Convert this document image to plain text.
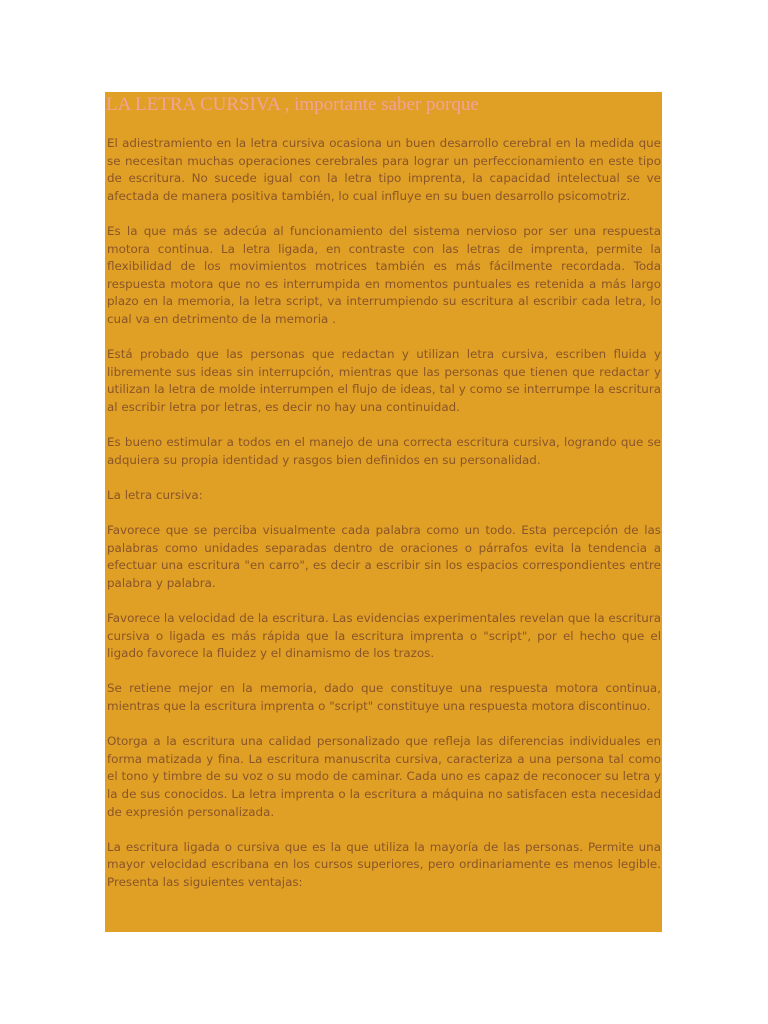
LA LETRA CURSIVA , importante saber porque

El adiestramiento en la letra cursiva ocasiona un buen desarrollo cerebral en la medida que se necesitan muchas operaciones cerebrales para lograr un perfeccionamiento en este tipo de escritura. No sucede igual con la letra tipo imprenta, la capacidad intelectual se ve afectada de manera positiva también, lo cual influye en su buen desarrollo psicomotriz.

Es la que más se adecúa al funcionamiento del sistema nervioso por ser una respuesta motora continua. La letra ligada, en contraste con las letras de imprenta, permite la flexibilidad de los movimientos motrices también es más fácilmente recordada. Toda respuesta motora que no es interrumpida en momentos puntuales es retenida a más largo plazo en la memoria, la letra script, va interrumpiendo su escritura al escribir cada letra, lo cual va en detrimento de la memoria .

Está probado que las personas que redactan y utilizan letra cursiva, escriben fluida y libremente sus ideas sin interrupción, mientras que las personas que tienen que redactar y utilizan la letra de molde interrumpen el flujo de ideas, tal y como se interrumpe la escritura al escribir letra por letras, es decir no hay una continuidad.

Es bueno estimular a todos en el manejo de una correcta escritura cursiva, logrando que se adquiera su propia identidad y rasgos bien definidos en su personalidad.

La letra cursiva:

Favorece que se perciba visualmente cada palabra como un todo. Esta percepción de las palabras como unidades separadas dentro de oraciones o párrafos evita la tendencia a efectuar una escritura "en carro", es decir a escribir sin los espacios correspondientes entre palabra y palabra.

Favorece la velocidad de la escritura. Las evidencias experimentales revelan que la escritura cursiva o ligada es más rápida que la escritura imprenta o "script", por el hecho que el ligado favorece la fluidez y el dinamismo de los trazos.

Se retiene mejor en la memoria, dado que constituye una respuesta motora continua, mientras que la escritura imprenta o "script" constituye una respuesta motora discontinuo.

Otorga a la escritura una calidad personalizado que refleja las diferencias individuales en forma matizada y fina. La escritura manuscrita cursiva, caracteriza a una persona tal como el tono y timbre de su voz o su modo de caminar. Cada uno es capaz de reconocer su letra y la de sus conocidos. La letra imprenta o la escritura a máquina no satisfacen esta necesidad de expresión personalizada.

La escritura ligada o cursiva que es la que utiliza la mayoría de las personas. Permite una mayor velocidad escribana en los cursos superiores, pero ordinariamente es menos legible. Presenta las siguientes ventajas:
